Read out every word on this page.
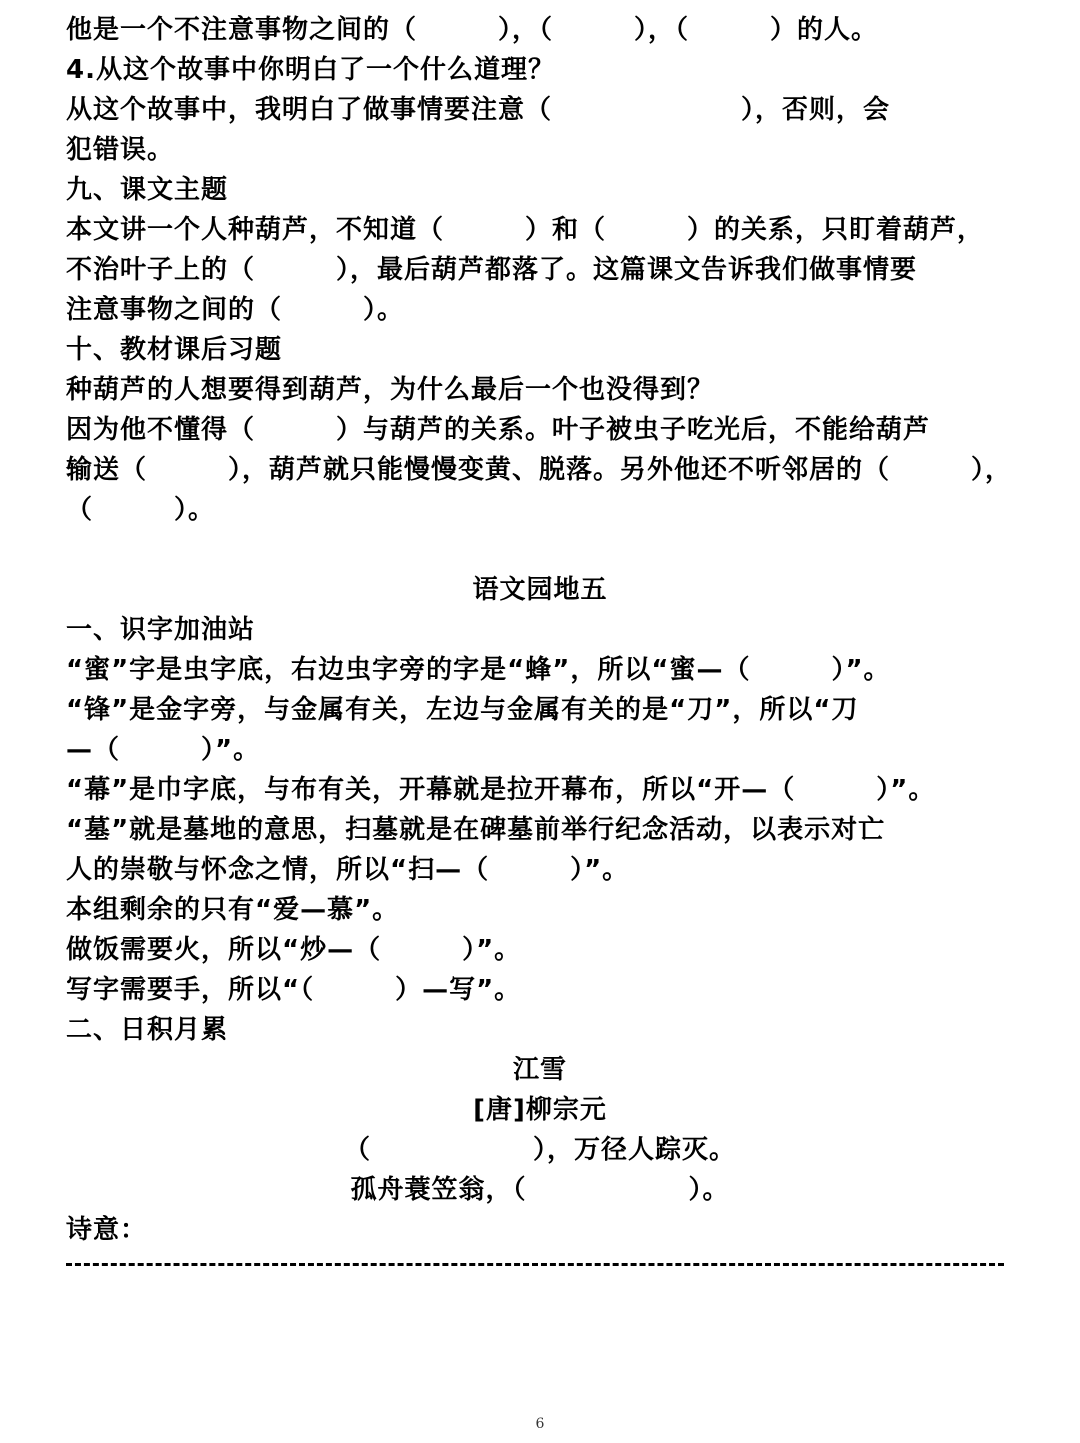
他是一个不注意事物之间的（　　　），（　　　），（　　　）的人。
4.从这个故事中你明白了一个什么道理？
从这个故事中，我明白了做事情要注意（　　　　　　　），否则，会
犯错误。
九、课文主题
本文讲一个人种葫芦，不知道（　　　）和（　　　）的关系，只盯着葫芦，
不治叶子上的（　　　），最后葫芦都落了。这篇课文告诉我们做事情要
注意事物之间的（　　　）。
十、教材课后习题
种葫芦的人想要得到葫芦，为什么最后一个也没得到？
因为他不懂得（　　　）与葫芦的关系。叶子被虫子吃光后，不能给葫芦
输送（　　　），葫芦就只能慢慢变黄、脱落。另外他还不听邻居的（　　　），
（　　　）。
语文园地五
一、识字加油站
“蜜”字是虫字底，右边虫字旁的字是“蜂”，所以“蜜—（　　　）”。
“锋”是金字旁，与金属有关，左边与金属有关的是“刀”，所以“刀
—（　　　）”。
“幕”是巾字底，与布有关，开幕就是拉开幕布，所以“开—（　　　）”。
“墓”就是墓地的意思，扫墓就是在碑墓前举行纪念活动，以表示对亡
人的崇敬与怀念之情，所以“扫—（　　　）”。
本组剩余的只有“爱—慕”。
做饭需要火，所以“炒—（　　　）”。
写字需要手，所以“（　　　）—写”。
二、日积月累
江雪
[唐]柳宗元
（　　　　　　），万径人踪灭。
孤舟蓑笠翁，（　　　　　　）。
诗意：
6
